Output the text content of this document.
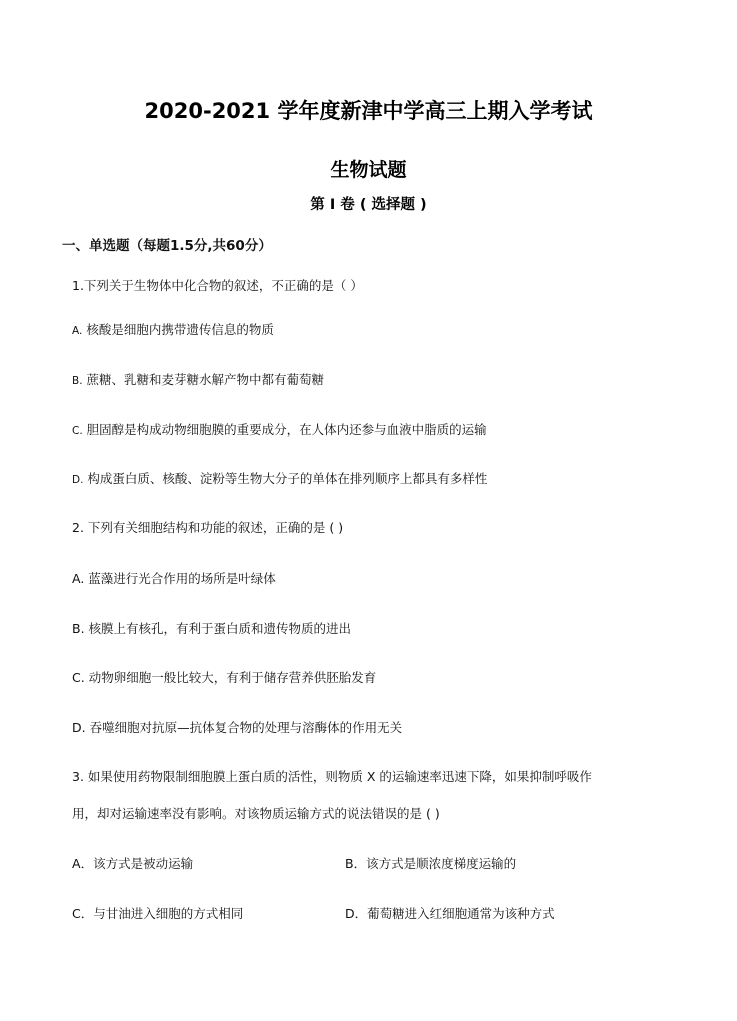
2020-2021 学年度新津中学高三上期入学考试
生物试题
第 I 卷 ( 选择题 )
一、单选题（每题1.5分,共60分）
1.下列关于生物体中化合物的叙述，不正确的是（ ）
A. 核酸是细胞内携带遗传信息的物质
B. 蔗糖、乳糖和麦芽糖水解产物中都有葡萄糖
C. 胆固醇是构成动物细胞膜的重要成分，在人体内还参与血液中脂质的运输
D. 构成蛋白质、核酸、淀粉等生物大分子的单体在排列顺序上都具有多样性
2. 下列有关细胞结构和功能的叙述，正确的是 ( )
A. 蓝藻进行光合作用的场所是叶绿体
B. 核膜上有核孔，有利于蛋白质和遗传物质的进出
C. 动物卵细胞一般比较大，有利于储存营养供胚胎发育
D. 吞噬细胞对抗原—抗体复合物的处理与溶酶体的作用无关
3. 如果使用药物限制细胞膜上蛋白质的活性，则物质 X 的运输速率迅速下降，如果抑制呼吸作
用，却对运输速率没有影响。对该物质运输方式的说法错误的是 ( )
A．该方式是被动运输	B．该方式是顺浓度梯度运输的
C．与甘油进入细胞的方式相同	D．葡萄糖进入红细胞通常为该种方式
